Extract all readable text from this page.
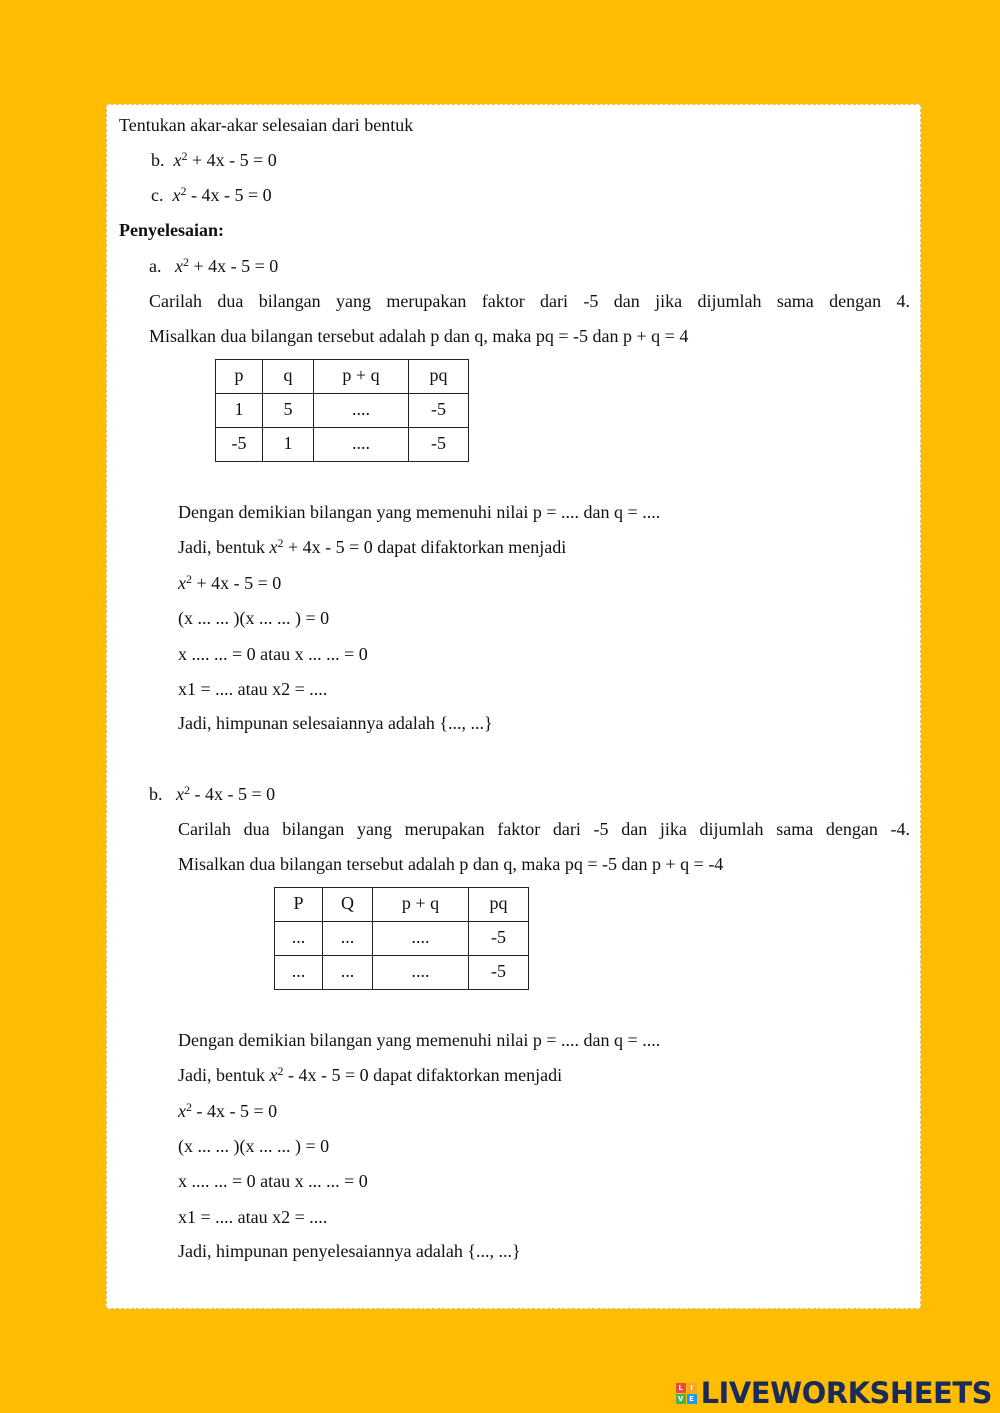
Tentukan akar-akar selesaian dari bentuk
b. $x^2 + 4x - 5 = 0$
c. $x^2 - 4x - 5 = 0$
Penyelesaian:
a. $x^2 + 4x - 5 = 0$
Carilah dua bilangan yang merupakan faktor dari -5 dan jika dijumlah sama dengan 4.
Misalkan dua bilangan tersebut adalah p dan q, maka pq = -5 dan p + q = 4
p	q	p + q	pq
1	5	....	-5
-5	1	....	-5
Dengan demikian bilangan yang memenuhi nilai p = .... dan q = ....
Jadi, bentuk $x^2 + 4x - 5 = 0$ dapat difaktorkan menjadi
$x^2 + 4x - 5 = 0$
(x ... ... )(x ... ... ) = 0
x .... ... = 0 atau x ... ... = 0
x1 = .... atau x2 = ....
Jadi, himpunan selesaiannya adalah {..., ...}
b. $x^2 - 4x - 5 = 0$
Carilah dua bilangan yang merupakan faktor dari -5 dan jika dijumlah sama dengan -4.
Misalkan dua bilangan tersebut adalah p dan q, maka pq = -5 dan p + q = -4
P	Q	p + q	pq
...	...	....	-5
...	...	....	-5
Dengan demikian bilangan yang memenuhi nilai p = .... dan q = ....
Jadi, bentuk $x^2 - 4x - 5 = 0$ dapat difaktorkan menjadi
$x^2 - 4x - 5 = 0$
(x ... ... )(x ... ... ) = 0
x .... ... = 0 atau x ... ... = 0
x1 = .... atau x2 = ....
Jadi, himpunan penyelesaiannya adalah {..., ...}
L	I
V E LIVEWORKSHEETS
